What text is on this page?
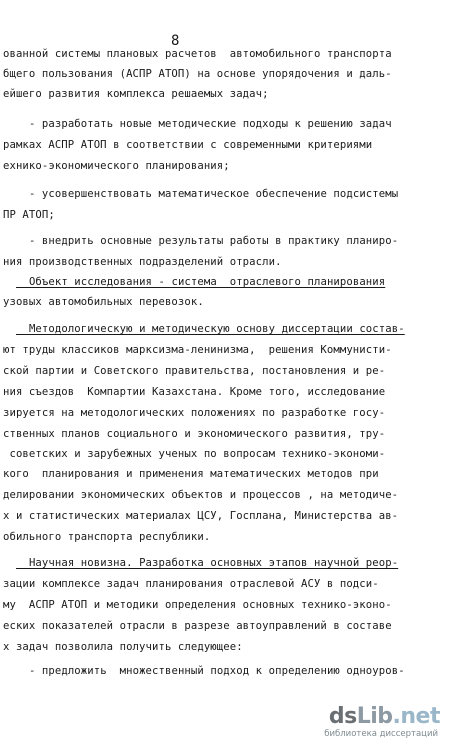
8
ованной системы плановых расчетов  автомобильного транспорта
бщего пользования (АСПР АТОП) на основе упорядочения и даль-
ейшего развития комплекса решаемых задач;
- разработать новые методические подходы к решению задач
рамках АСПР АТОП в соответствии с современными критериями
ехнико-экономического планирования;
- усовершенствовать математическое обеспечение подсистемы
ПР АТОП;
- внедрить основные результаты работы в практику планиро-
ния производственных подразделений отрасли.
Объект исследования - система  отраслевого планирования
узовых автомобильных перевозок.
Методологическую и методическую основу диссертации состав-
ют труды классиков марксизма-ленинизма,  решения Коммунисти-
ской партии и Советского правительства, постановления и ре-
ния съездов  Компартии Казахстана. Кроме того, исследование
зируется на методологических положениях по разработке госу-
ственных планов социального и экономического развития, тру-
советских и зарубежных ученых по вопросам технико-экономи-
кого  планирования и применения математических методов при
делировании экономических объектов и процессов , на методиче-
х и статистических материалах ЦСУ, Госплана, Министерства ав-
обильного транспорта республики.
Научная новизна. Разработка основных этапов научной реор-
зации комплексе задач планирования отраслевой АСУ в подси-
му  АСПР АТОП и методики определения основных технико-эконо-
еских показателей отрасли в разрезе автоуправлений в составе
х задач позволила получить следующее:
- предложить  множественный подход к определению одноуров-
dsLib.net
библиотека диссертаций
